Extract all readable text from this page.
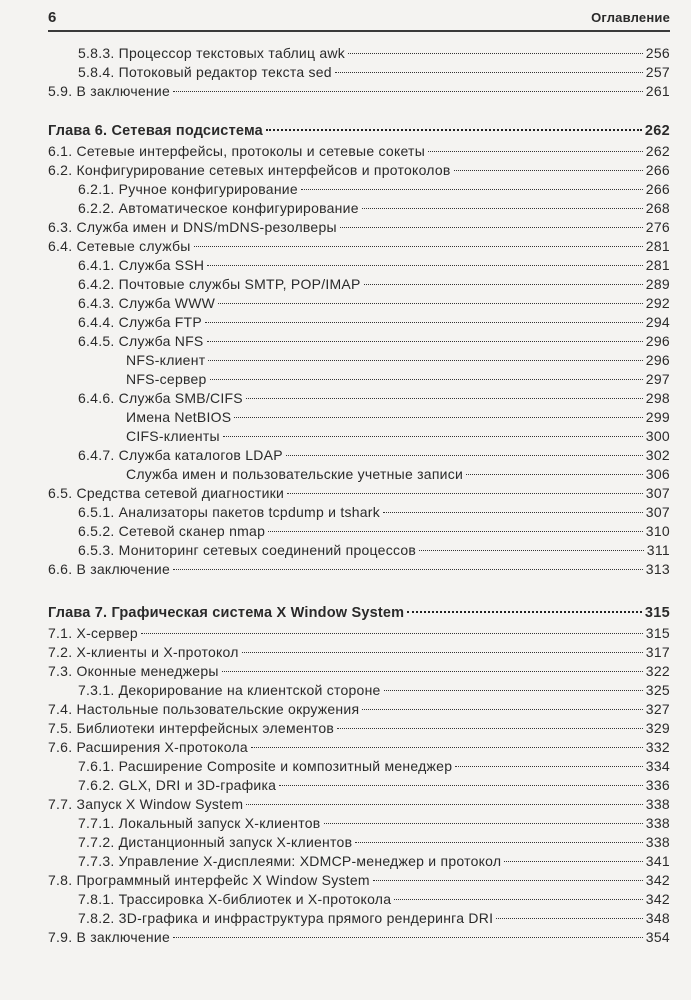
6	Оглавление
5.8.3. Процессор текстовых таблиц awk	256
5.8.4. Потоковый редактор текста sed	257
5.9. В заключение	261
Глава 6. Сетевая подсистема	262
6.1. Сетевые интерфейсы, протоколы и сетевые сокеты	262
6.2. Конфигурирование сетевых интерфейсов и протоколов	266
6.2.1. Ручное конфигурирование	266
6.2.2. Автоматическое конфигурирование	268
6.3. Служба имен и DNS/mDNS-резолверы	276
6.4. Сетевые службы	281
6.4.1. Служба SSH	281
6.4.2. Почтовые службы SMTP, POP/IMAP	289
6.4.3. Служба WWW	292
6.4.4. Служба FTP	294
6.4.5. Служба NFS	296
NFS-клиент	296
NFS-сервер	297
6.4.6. Служба SMB/CIFS	298
Имена NetBIOS	299
CIFS-клиенты	300
6.4.7. Служба каталогов LDAP	302
Служба имен и пользовательские учетные записи	306
6.5. Средства сетевой диагностики	307
6.5.1. Анализаторы пакетов tcpdump и tshark	307
6.5.2. Сетевой сканер nmap	310
6.5.3. Мониторинг сетевых соединений процессов	311
6.6. В заключение	313
Глава 7. Графическая система X Window System	315
7.1. X-сервер	315
7.2. X-клиенты и X-протокол	317
7.3. Оконные менеджеры	322
7.3.1. Декорирование на клиентской стороне	325
7.4. Настольные пользовательские окружения	327
7.5. Библиотеки интерфейсных элементов	329
7.6. Расширения X-протокола	332
7.6.1. Расширение Composite и композитный менеджер	334
7.6.2. GLX, DRI и 3D-графика	336
7.7. Запуск X Window System	338
7.7.1. Локальный запуск X-клиентов	338
7.7.2. Дистанционный запуск X-клиентов	338
7.7.3. Управление X-дисплеями: XDMCP-менеджер и протокол	341
7.8. Программный интерфейс X Window System	342
7.8.1. Трассировка X-библиотек и X-протокола	342
7.8.2. 3D-графика и инфраструктура прямого рендеринга DRI	348
7.9. В заключение	354
